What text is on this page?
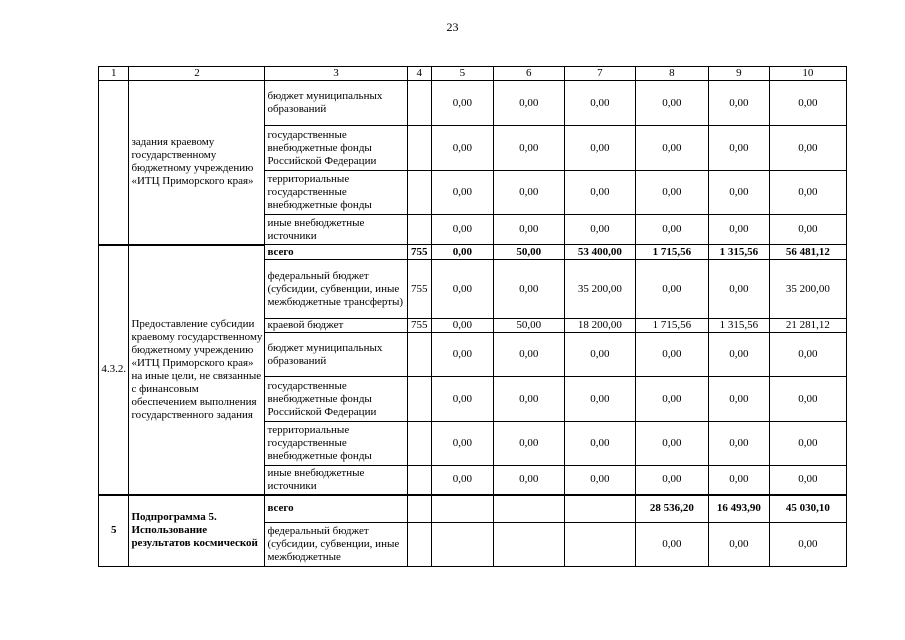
23
1	2	3	4	5	6	7	8	9	10
	задания краевому государственному бюджетному учреждению «ИТЦ Приморского края»	бюджет муниципальных образований		0,00	0,00	0,00	0,00	0,00	0,00
		государственные внебюджетные фонды Российской Федерации		0,00	0,00	0,00	0,00	0,00	0,00
		территориальные государственные внебюджетные фонды		0,00	0,00	0,00	0,00	0,00	0,00
		иные внебюджетные источники		0,00	0,00	0,00	0,00	0,00	0,00
4.3.2.	Предоставление субсидии краевому государственному бюджетному учреждению «ИТЦ Приморского края» на иные цели, не связанные с финансовым обеспечением выполнения государственного задания	всего	755	0,00	50,00	53 400,00	1 715,56	1 315,56	56 481,12
		федеральный бюджет (субсидии, субвенции, иные межбюджетные трансферты)	755	0,00	0,00	35 200,00	0,00	0,00	35 200,00
		краевой бюджет	755	0,00	50,00	18 200,00	1 715,56	1 315,56	21 281,12
		бюджет муниципальных образований		0,00	0,00	0,00	0,00	0,00	0,00
		государственные внебюджетные фонды Российской Федерации		0,00	0,00	0,00	0,00	0,00	0,00
		территориальные государственные внебюджетные фонды		0,00	0,00	0,00	0,00	0,00	0,00
		иные внебюджетные источники		0,00	0,00	0,00	0,00	0,00	0,00
5	Подпрограмма 5. Использование результатов космической	всего					28 536,20	16 493,90	45 030,10
		федеральный бюджет (субсидии, субвенции, иные межбюджетные					0,00	0,00	0,00
